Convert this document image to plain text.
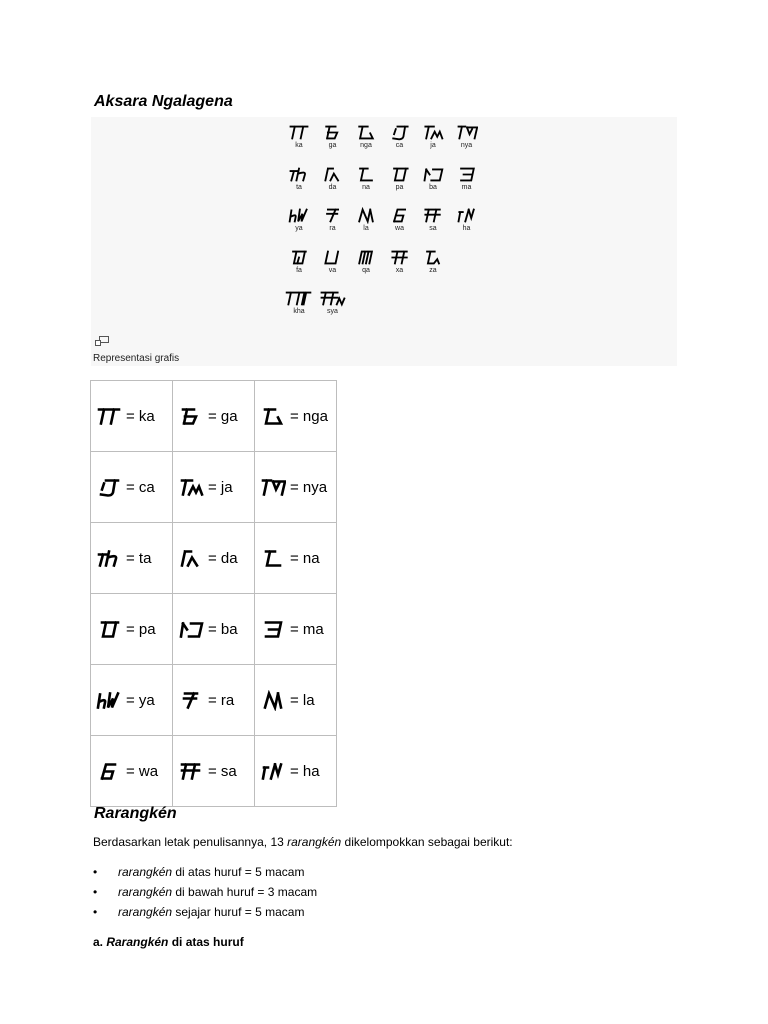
Aksara Ngalagena
ka	ga	nga	ca	ja	nya
ta	da	na	pa	ba	ma
ya	ra	la	wa	sa	ha
fa	va	qa	xa	za
kha	sya
Representasi grafis
= ka	= ga	= nga
= ca	= ja	= nya
= ta	= da	= na
= pa	= ba	= ma
= ya	= ra	= la
= wa	= sa	= ha
Rarangkén
Berdasarkan letak penulisannya, 13 rarangkén dikelompokkan sebagai berikut:
• rarangkén di atas huruf = 5 macam
• rarangkén di bawah huruf = 3 macam
• rarangkén sejajar huruf = 5 macam
a. Rarangkén di atas huruf
